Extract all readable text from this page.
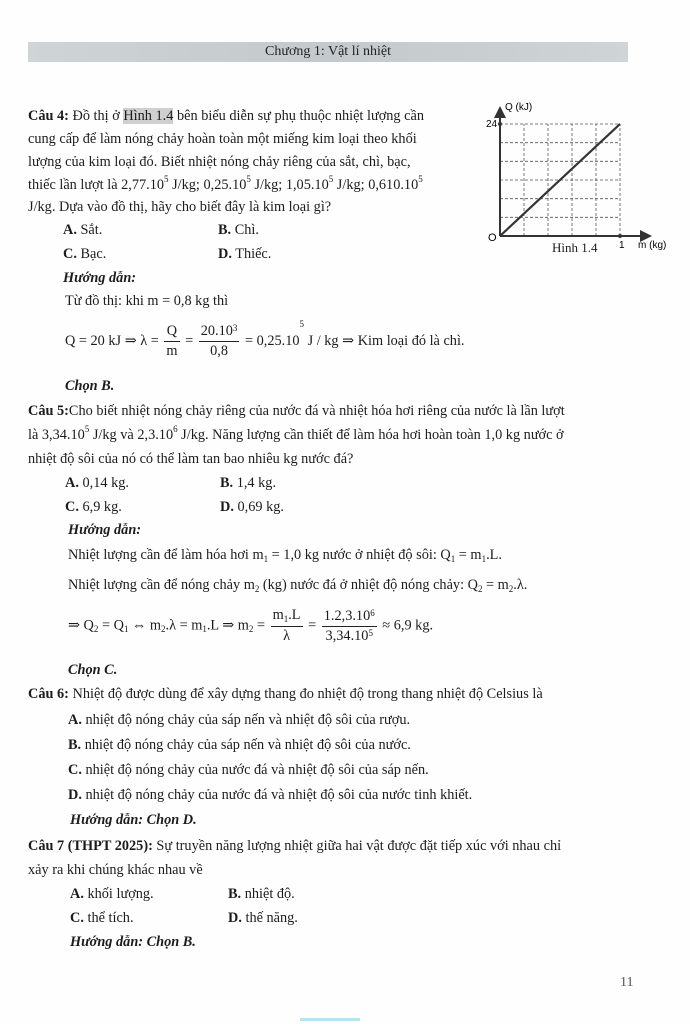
Chương 1: Vật lí nhiệt
Câu 4: Đồ thị ở Hình 1.4 bên biểu diễn sự phụ thuộc nhiệt lượng cần
cung cấp để làm nóng chảy hoàn toàn một miếng kim loại theo khối
lượng của kim loại đó. Biết nhiệt nóng chảy riêng của sắt, chì, bạc,
thiếc lần lượt là 2,77.10$^5$ J/kg; 0,25.10$^5$ J/kg; 1,05.10$^5$ J/kg; 0,610.10$^5$
J/kg. Dựa vào đồ thị, hãy cho biết đây là kim loại gì?
A. Sắt.	B. Chì.
C. Bạc.	D. Thiếc.
Hướng dẫn:
Từ đồ thị: khi m = 0,8 kg thì
Q = 20 kJ ⇒ $\lambda = \frac{Q}{m} = \frac{20.10^3}{0,8} = 0,25.10^5$ J / kg ⇒ Kim loại đó là chì.
Chọn B.
Q (kJ)
24
O
1 m (kg)
Hình 1.4
Câu 5:Cho biết nhiệt nóng chảy riêng của nước đá và nhiệt hóa hơi riêng của nước là lần lượt
là 3,34.10$^5$ J/kg và 2,3.10$^6$ J/kg. Năng lượng cần thiết để làm hóa hơi hoàn toàn 1,0 kg nước ở
nhiệt độ sôi của nó có thể làm tan bao nhiêu kg nước đá?
A. 0,14 kg.	B. 1,4 kg.
C. 6,9 kg.	D. 0,69 kg.
Hướng dẫn:
Nhiệt lượng cần để làm hóa hơi $m_1 = 1,0$ kg nước ở nhiệt độ sôi: $Q_1 = m_1.L$.
Nhiệt lượng cần để nóng chảy $m_2$ (kg) nước đá ở nhiệt độ nóng chảy: $Q_2 = m_2.\lambda$.
⇒ $Q_2 = Q_1$ ⇔ $m_2.\lambda = m_1.L$ ⇒ $m_2 = \frac{m_1.L}{\lambda} = \frac{1.2,3.10^6}{3,34.10^5} \approx 6,9$ kg.
Chọn C.
Câu 6: Nhiệt độ được dùng để xây dựng thang đo nhiệt độ trong thang nhiệt độ Celsius là
A. nhiệt độ nóng chảy của sáp nến và nhiệt độ sôi của rượu.
B. nhiệt độ nóng chảy của sáp nến và nhiệt độ sôi của nước.
C. nhiệt độ nóng chảy của nước đá và nhiệt độ sôi của sáp nến.
D. nhiệt độ nóng chảy của nước đá và nhiệt độ sôi của nước tinh khiết.
Hướng dẫn: Chọn D.
Câu 7 (THPT 2025): Sự truyền năng lượng nhiệt giữa hai vật được đặt tiếp xúc với nhau chỉ
xảy ra khi chúng khác nhau về
A. khối lượng.	B. nhiệt độ.
C. thể tích.	D. thế năng.
Hướng dẫn: Chọn B.
11
